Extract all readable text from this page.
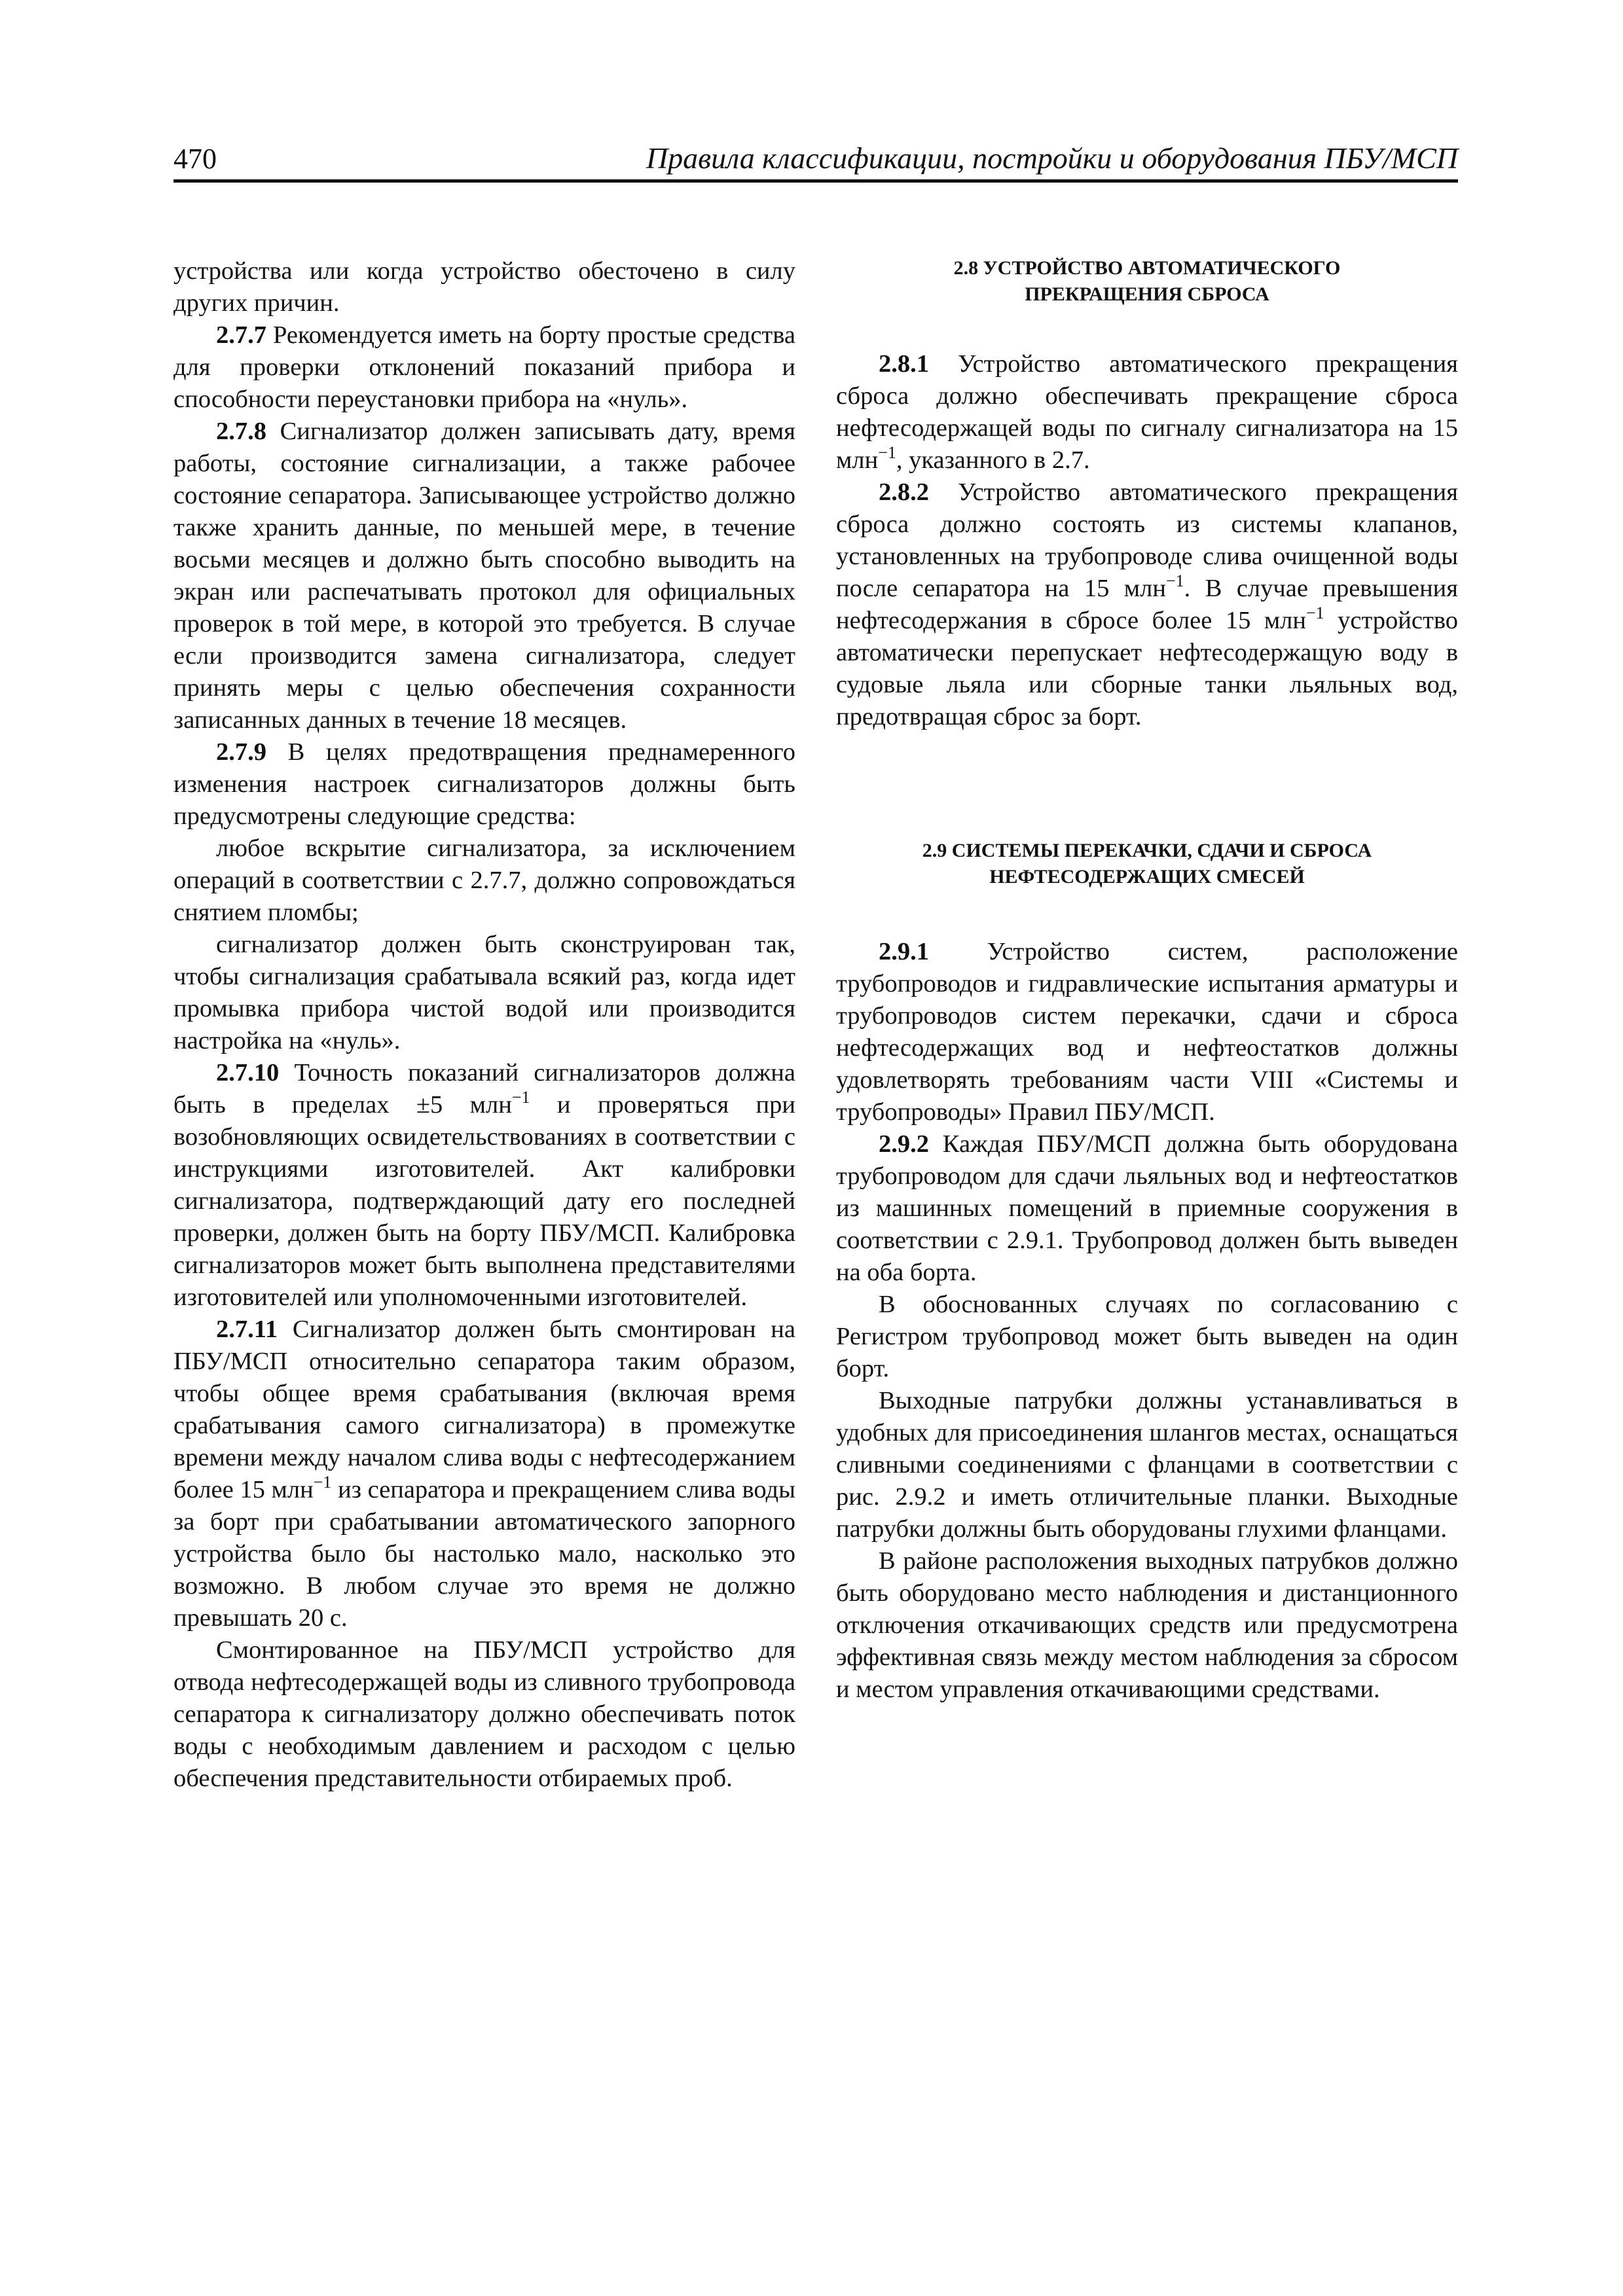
470	Правила классификации, постройки и оборудования ПБУ/МСП

устройства или когда устройство обесточено в силу других причин.

2.7.7 Рекомендуется иметь на борту простые средства для проверки отклонений показаний прибора и способности переустановки прибора на «нуль».

2.7.8 Сигнализатор должен записывать дату, время работы, состояние сигнализации, а также рабочее состояние сепаратора. Записывающее устройство должно также хранить данные, по меньшей мере, в течение восьми месяцев и должно быть способно выводить на экран или распечатывать протокол для официальных проверок в той мере, в которой это требуется. В случае если производится замена сигнализатора, следует принять меры с целью обеспечения сохранности записанных данных в течение 18 месяцев.

2.7.9 В целях предотвращения преднамеренного изменения настроек сигнализаторов должны быть предусмотрены следующие средства:

любое вскрытие сигнализатора, за исключением операций в соответствии с 2.7.7, должно сопровождаться снятием пломбы;

сигнализатор должен быть сконструирован так, чтобы сигнализация срабатывала всякий раз, когда идет промывка прибора чистой водой или производится настройка на «нуль».

2.7.10 Точность показаний сигнализаторов должна быть в пределах ±5 млн$^{-1}$ и проверяться при возобновляющих освидетельствованиях в соответствии с инструкциями изготовителей. Акт калибровки сигнализатора, подтверждающий дату его последней проверки, должен быть на борту ПБУ/МСП. Калибровка сигнализаторов может быть выполнена представителями изготовителей или уполномоченными изготовителей.

2.7.11 Сигнализатор должен быть смонтирован на ПБУ/МСП относительно сепаратора таким образом, чтобы общее время срабатывания (включая время срабатывания самого сигнализатора) в промежутке времени между началом слива воды с нефтесодержанием более 15 млн$^{-1}$ из сепаратора и прекращением слива воды за борт при срабатывании автоматического запорного устройства было бы настолько мало, насколько это возможно. В любом случае это время не должно превышать 20 с.

Смонтированное на ПБУ/МСП устройство для отвода нефтесодержащей воды из сливного трубопровода сепаратора к сигнализатору должно обеспечивать поток воды с необходимым давлением и расходом с целью обеспечения представительности отбираемых проб.

2.8 УСТРОЙСТВО АВТОМАТИЧЕСКОГО
ПРЕКРАЩЕНИЯ СБРОСА

2.8.1 Устройство автоматического прекращения сброса должно обеспечивать прекращение сброса нефтесодержащей воды по сигналу сигнализатора на 15 млн$^{-1}$, указанного в 2.7.

2.8.2 Устройство автоматического прекращения сброса должно состоять из системы клапанов, установленных на трубопроводе слива очищенной воды после сепаратора на 15 млн$^{-1}$. В случае превышения нефтесодержания в сбросе более 15 млн$^{-1}$ устройство автоматически перепускает нефтесодержащую воду в судовые льяла или сборные танки льяльных вод, предотвращая сброс за борт.

2.9 СИСТЕМЫ ПЕРЕКАЧКИ, СДАЧИ И СБРОСА
НЕФТЕСОДЕРЖАЩИХ СМЕСЕЙ

2.9.1 Устройство систем, расположение трубопроводов и гидравлические испытания арматуры и трубопроводов систем перекачки, сдачи и сброса нефтесодержащих вод и нефтеостатков должны удовлетворять требованиям части VIII «Системы и трубопроводы» Правил ПБУ/МСП.

2.9.2 Каждая ПБУ/МСП должна быть оборудована трубопроводом для сдачи льяльных вод и нефтеостатков из машинных помещений в приемные сооружения в соответствии с 2.9.1. Трубопровод должен быть выведен на оба борта.

В обоснованных случаях по согласованию с Регистром трубопровод может быть выведен на один борт.

Выходные патрубки должны устанавливаться в удобных для присоединения шлангов местах, оснащаться сливными соединениями с фланцами в соответствии с рис. 2.9.2 и иметь отличительные планки. Выходные патрубки должны быть оборудованы глухими фланцами.

В районе расположения выходных патрубков должно быть оборудовано место наблюдения и дистанционного отключения откачивающих средств или предусмотрена эффективная связь между местом наблюдения за сбросом и местом управления откачивающими средствами.
